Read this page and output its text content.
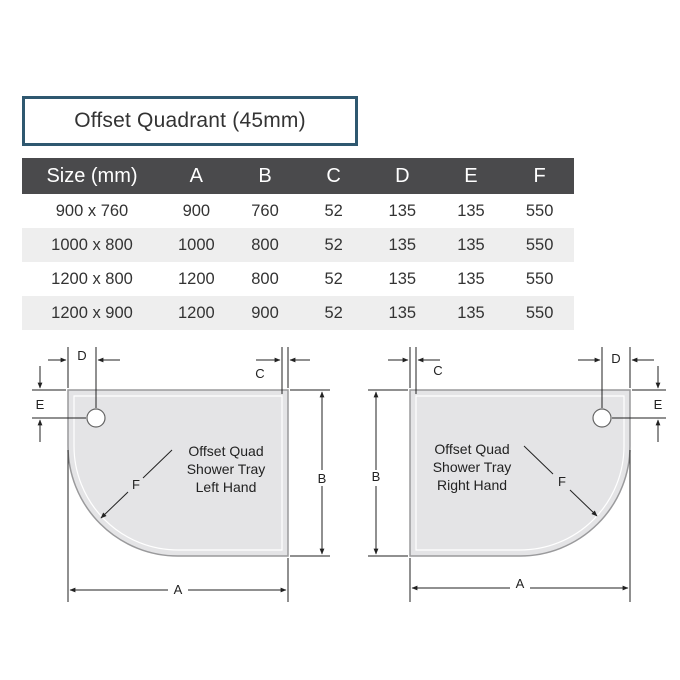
Offset Quadrant (45mm)
Size (mm)	A	B	C	D	E	F
900 x 760	900	760	52	135	135	550
1000 x 800	1000	800	52	135	135	550
1200 x 800	1200	800	52	135	135	550
1200 x 900	1200	900	52	135	135	550
D
E
C
B
A
F
Offset Quad
Shower Tray
Left Hand
C
D
E
B
A
F
Offset Quad
Shower Tray
Right Hand
